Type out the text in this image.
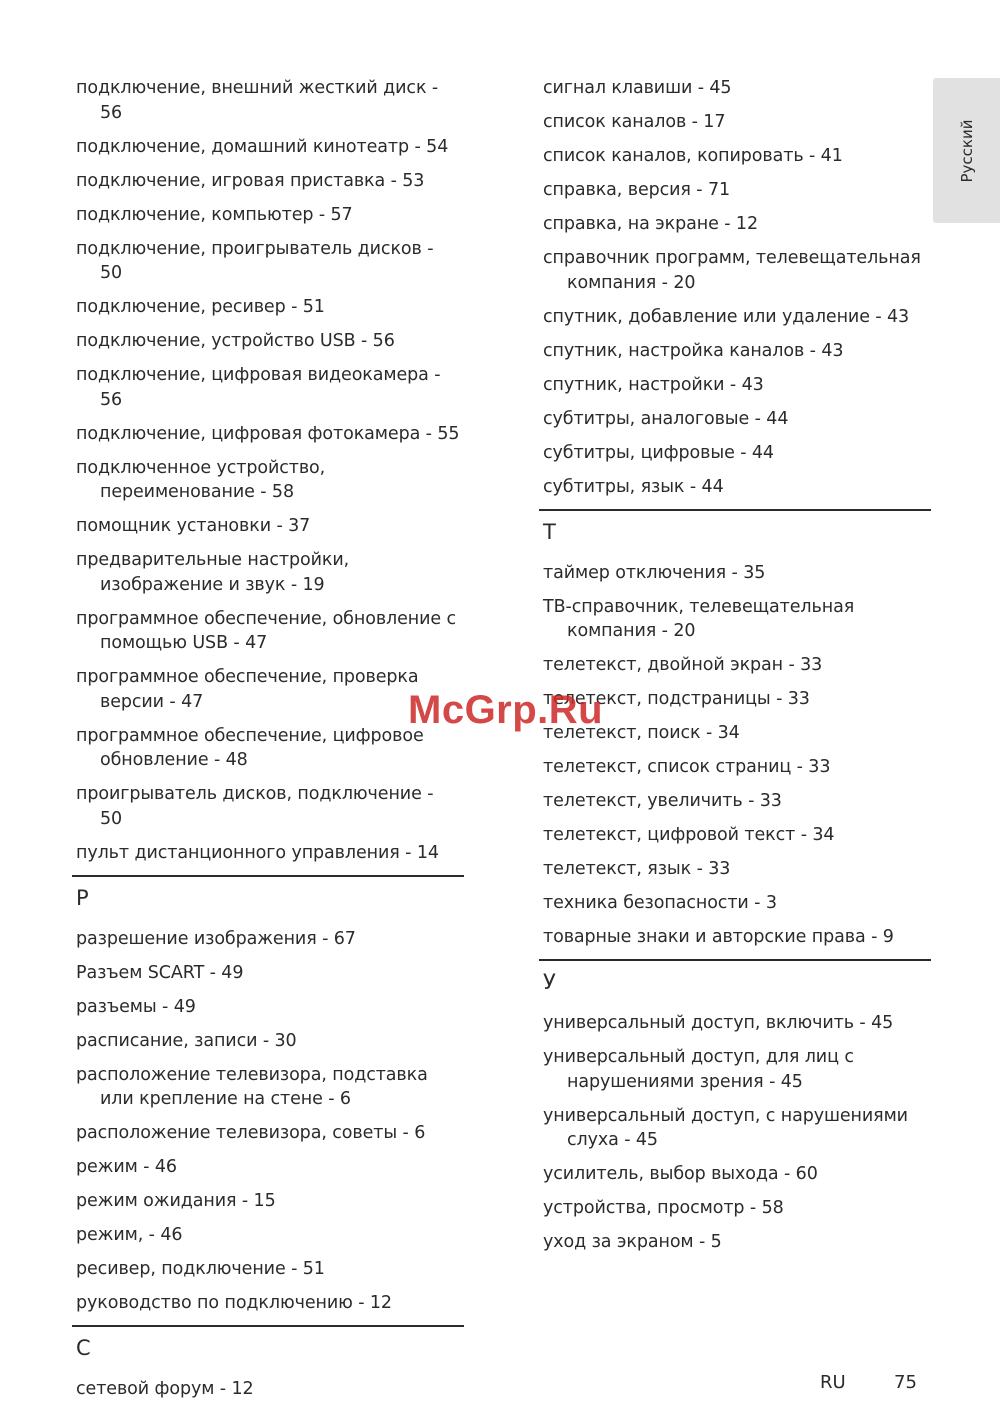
подключение, внешний жесткий диск - 56
подключение, домашний кинотеатр - 54
подключение, игровая приставка - 53
подключение, компьютер - 57
подключение, проигрыватель дисков - 50
подключение, ресивер - 51
подключение, устройство USB - 56
подключение, цифровая видеокамера - 56
подключение, цифровая фотокамера - 55
подключенное устройство, переименование - 58
помощник установки - 37
предварительные настройки, изображение и звук - 19
программное обеспечение, обновление с помощью USB - 47
программное обеспечение, проверка версии - 47
программное обеспечение, цифровое обновление - 48
проигрыватель дисков, подключение - 50
пульт дистанционного управления - 14
Р
разрешение изображения - 67
Разъем SCART - 49
разъемы - 49
расписание, записи - 30
расположение телевизора, подставка или крепление на стене - 6
расположение телевизора, советы - 6
режим - 46
режим ожидания - 15
режим, - 46
ресивер, подключение - 51
руководство по подключению - 12
С
сетевой форум - 12
сигнал клавиши - 45
список каналов - 17
список каналов, копировать - 41
справка, версия - 71
справка, на экране - 12
справочник программ, телевещательная компания - 20
спутник, добавление или удаление - 43
спутник, настройка каналов - 43
спутник, настройки - 43
субтитры, аналоговые - 44
субтитры, цифровые - 44
субтитры, язык - 44
Т
таймер отключения - 35
ТВ-справочник, телевещательная компания - 20
телетекст, двойной экран - 33
телетекст, подстраницы - 33
телетекст, поиск - 34
телетекст, список страниц - 33
телетекст, увеличить - 33
телетекст, цифровой текст - 34
телетекст, язык - 33
техника безопасности - 3
товарные знаки и авторские права - 9
У
универсальный доступ, включить - 45
универсальный доступ, для лиц с нарушениями зрения - 45
универсальный доступ, с нарушениями слуха - 45
усилитель, выбор выхода - 60
устройства, просмотр - 58
уход за экраном - 5
Русский
McGrp.Ru
RU	75
